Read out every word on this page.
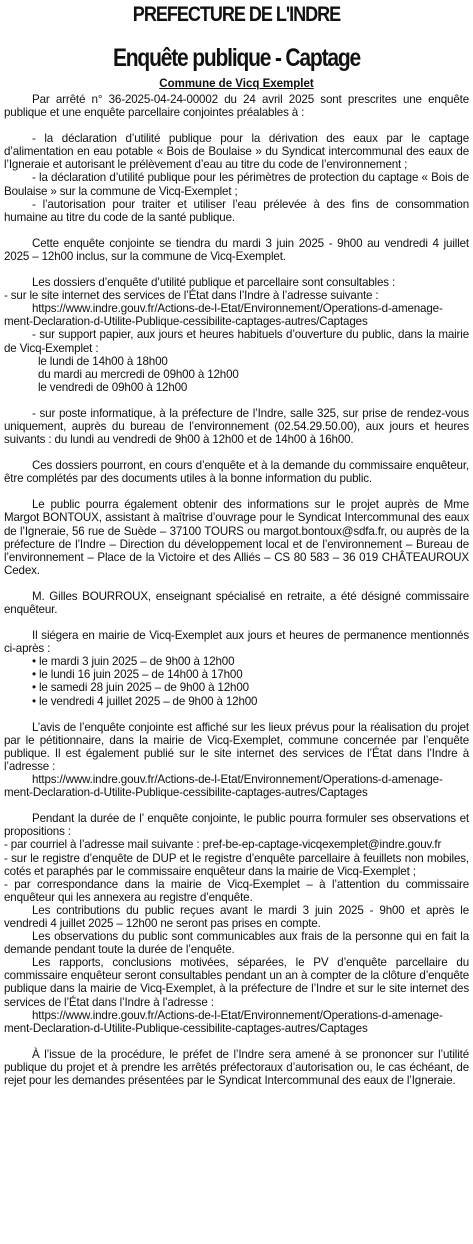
PREFECTURE DE L'INDRE
Enquête publique - Captage
Commune de Vicq Exemplet

Par arrêté n° 36-2025-04-24-00002 du 24 avril 2025 sont prescrites une enquête publique et une enquête parcellaire conjointes préalables à :

- la déclaration d’utilité publique pour la dérivation des eaux par le captage d’alimentation en eau potable « Bois de Boulaise » du Syndicat intercommunal des eaux de l’Igneraie et autorisant le prélèvement d’eau au titre du code de l’environnement ;

- la déclaration d’utilité publique pour les périmètres de protection du captage « Bois de Boulaise » sur la commune de Vicq-Exemplet ;

- l’autorisation pour traiter et utiliser l’eau prélevée à des fins de consommation humaine au titre du code de la santé publique.

Cette enquête conjointe se tiendra du mardi 3 juin 2025 - 9h00 au vendredi 4 juillet 2025 – 12h00 inclus, sur la commune de Vicq-Exemplet.

Les dossiers d’enquête d’utilité publique et parcellaire sont consultables :

- sur le site internet des services de l’État dans l’Indre à l’adresse suivante :

https://www.indre.gouv.fr/Actions-de-l-Etat/Environnement/Operations-d-amenage-

ment-Declaration-d-Utilite-Publique-cessibilite-captages-autres/Captages

- sur support papier, aux jours et heures habituels d’ouverture du public, dans la mairie de Vicq-Exemplet :

le lundi de 14h00 à 18h00

du mardi au mercredi de 09h00 à 12h00

le vendredi de 09h00 à 12h00

- sur poste informatique, à la préfecture de l’Indre, salle 325, sur prise de rendez-vous uniquement, auprès du bureau de l’environnement (02.54.29.50.00), aux jours et heures suivants : du lundi au vendredi de 9h00 à 12h00 et de 14h00 à 16h00.

Ces dossiers pourront, en cours d’enquête et à la demande du commissaire enquêteur, être complétés par des documents utiles à la bonne information du public.

Le public pourra également obtenir des informations sur le projet auprès de Mme Margot BONTOUX, assistant à maîtrise d’ouvrage pour le Syndicat Intercommunal des eaux de l’Igneraie, 56 rue de Suède – 37100 TOURS ou margot.bontoux@sdfa.fr, ou auprès de la préfecture de l’Indre – Direction du développement local et de l’environnement – Bureau de l’environnement – Place de la Victoire et des Alliés – CS 80 583 – 36 019 CHÂTEAUROUX Cedex.

M. Gilles BOURROUX, enseignant spécialisé en retraite, a été désigné commissaire enquêteur.

Il siégera en mairie de Vicq-Exemplet aux jours et heures de permanence mentionnés ci-après :

• le mardi 3 juin 2025 – de 9h00 à 12h00

• le lundi 16 juin 2025 – de 14h00 à 17h00

• le samedi 28 juin 2025 – de 9h00 à 12h00

• le vendredi 4 juillet 2025 – de 9h00 à 12h00

L’avis de l’enquête conjointe est affiché sur les lieux prévus pour la réalisation du projet par le pétitionnaire, dans la mairie de Vicq-Exemplet, commune concernée par l’enquête publique. Il est également publié sur le site internet des services de l’État dans l’Indre à l’adresse :

https://www.indre.gouv.fr/Actions-de-l-Etat/Environnement/Operations-d-amenage-

ment-Declaration-d-Utilite-Publique-cessibilite-captages-autres/Captages

Pendant la durée de l’ enquête conjointe, le public pourra formuler ses observations et propositions :

- par courriel à l’adresse mail suivante : pref-be-ep-captage-vicqexemplet@indre.gouv.fr

- sur le registre d’enquête de DUP et le registre d’enquête parcellaire à feuillets non mobiles, cotés et paraphés par le commissaire enquêteur dans la mairie de Vicq-Exemplet ;

- par correspondance dans la mairie de Vicq-Exemplet – à l’attention du commissaire enquêteur qui les annexera au registre d’enquête.

Les contributions du public reçues avant le mardi 3 juin 2025 - 9h00 et après le vendredi 4 juillet 2025 – 12h00 ne seront pas prises en compte.

Les observations du public sont communicables aux frais de la personne qui en fait la demande pendant toute la durée de l’enquête.

Les rapports, conclusions motivées, séparées, le PV d’enquête parcellaire du commissaire enquêteur seront consultables pendant un an à compter de la clôture d’enquête publique dans la mairie de Vicq-Exemplet, à la préfecture de l’Indre et sur le site internet des services de l’État dans l’Indre à l’adresse :

https://www.indre.gouv.fr/Actions-de-l-Etat/Environnement/Operations-d-amenage-

ment-Declaration-d-Utilite-Publique-cessibilite-captages-autres/Captages

À l’issue de la procédure, le préfet de l’Indre sera amené à se prononcer sur l’utilité publique du projet et à prendre les arrêtés préfectoraux d’autorisation ou, le cas échéant, de rejet pour les demandes présentées par le Syndicat Intercommunal des eaux de l’Igneraie.
